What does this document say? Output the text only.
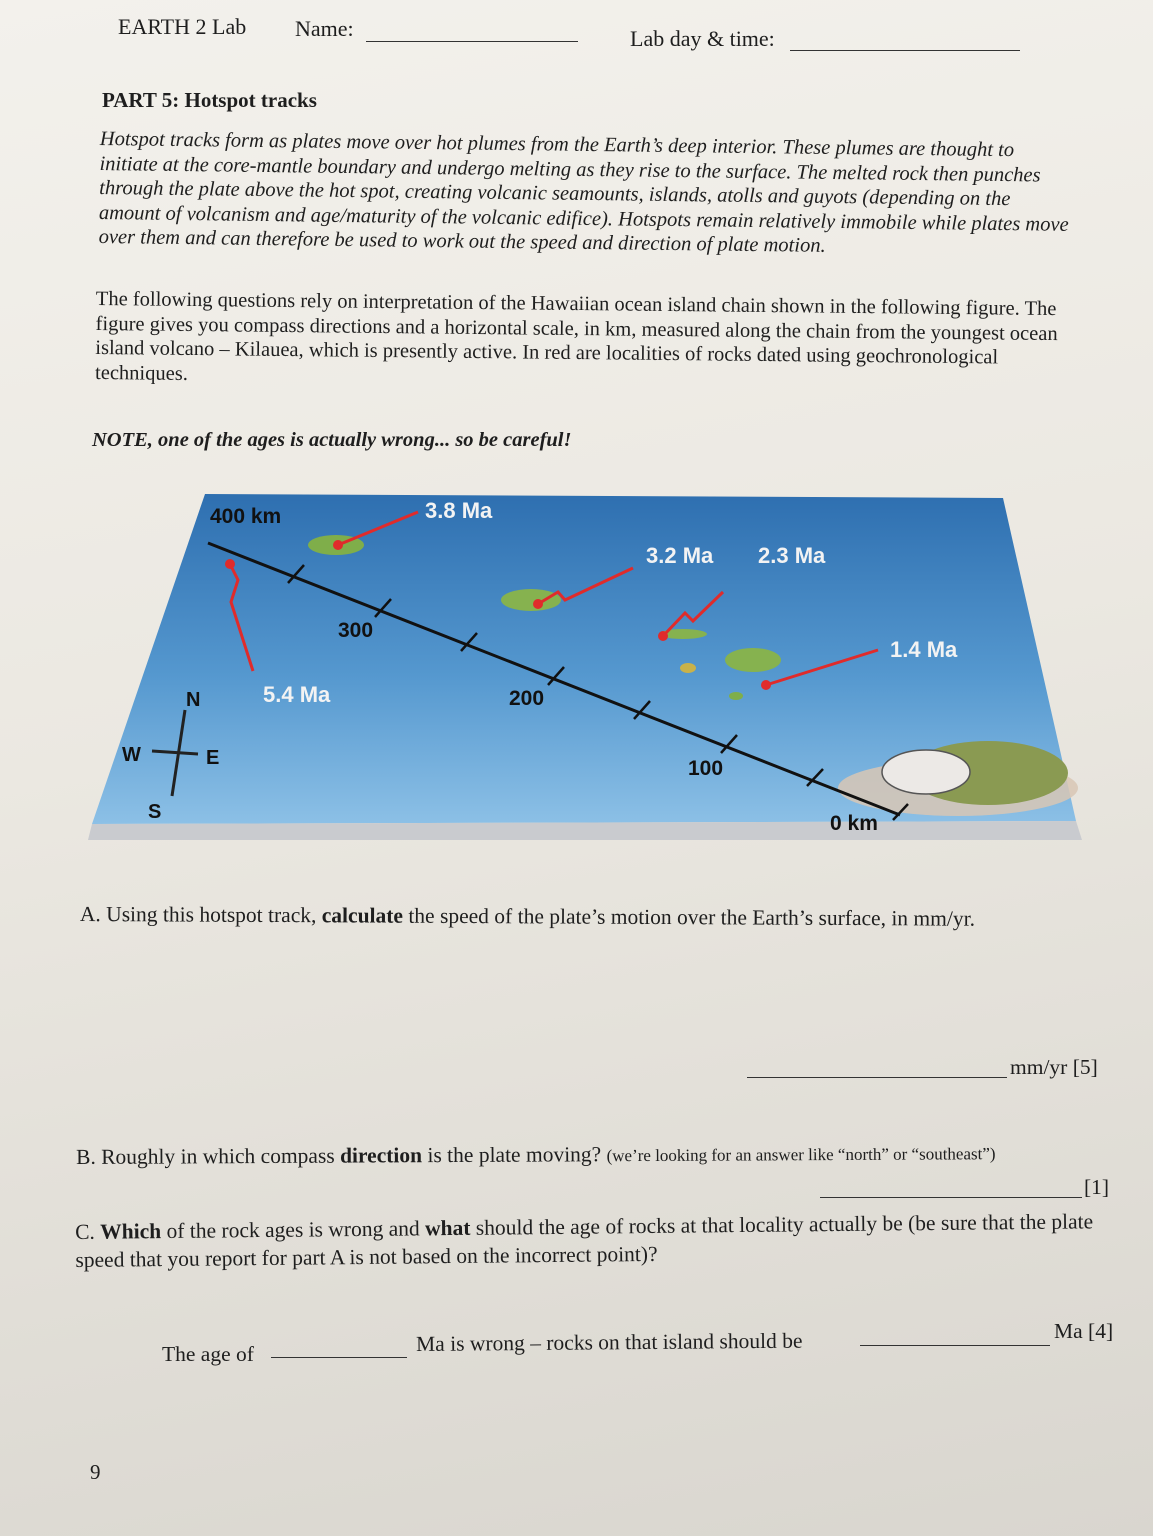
EARTH 2 Lab Name:	Lab day & time:
PART 5: Hotspot tracks
Hotspot tracks form as plates move over hot plumes from the Earth’s deep interior. These plumes are thought to initiate at the core-mantle boundary and undergo melting as they rise to the surface. The melted rock then punches through the plate above the hot spot, creating volcanic seamounts, islands, atolls and guyots (depending on the amount of volcanism and age/maturity of the volcanic edifice). Hotspots remain relatively immobile while plates move over them and can therefore be used to work out the speed and direction of plate motion.
The following questions rely on interpretation of the Hawaiian ocean island chain shown in the following figure. The figure gives you compass directions and a horizontal scale, in km, measured along the chain from the youngest ocean island volcano – Kilauea, which is presently active. In red are localities of rocks dated using geochronological techniques.
NOTE, one of the ages is actually wrong... so be careful!
400 km
300
200
100
0 km
3.8 Ma
3.2 Ma 2.3 Ma
1.4 Ma
5.4 Ma
N
S
E
W
A. Using this hotspot track, calculate the speed of the plate’s motion over the Earth’s surface, in mm/yr.
mm/yr [5]
B. Roughly in which compass direction is the plate moving? (we’re looking for an answer like “north” or “southeast”)
[1]
C. Which of the rock ages is wrong and what should the age of rocks at that locality actually be (be sure that the plate speed that you report for part A is not based on the incorrect point)?
The age of	Ma is wrong – rocks on that island should be	Ma [4]
9
